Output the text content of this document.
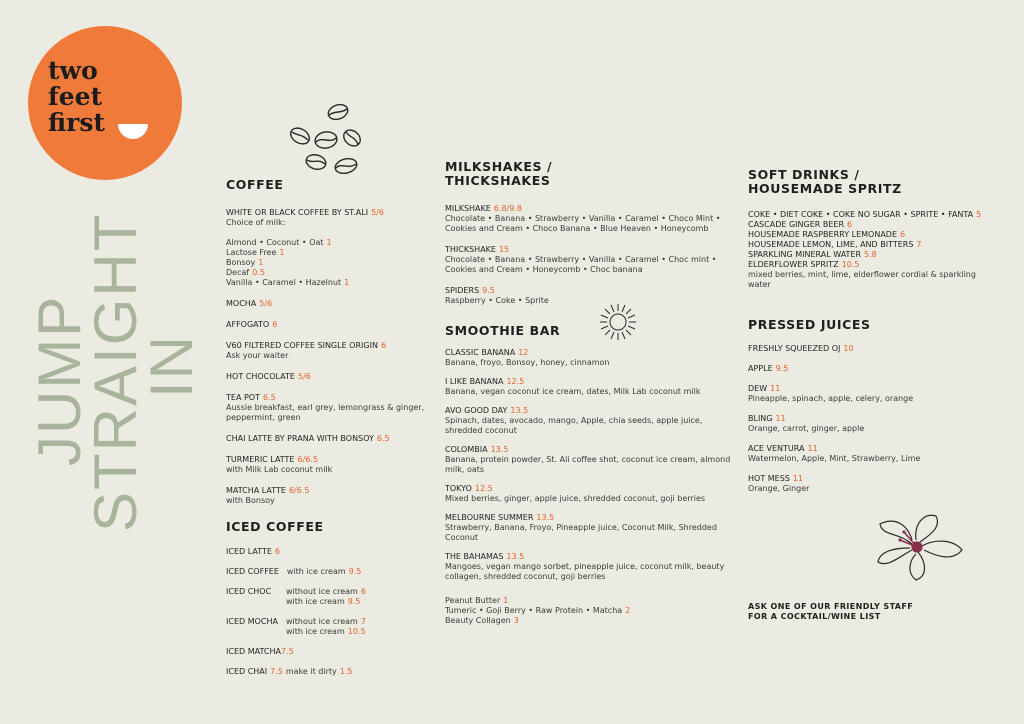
two
feet
first
JUMP
STRAIGHT
IN
COFFEE
WHITE OR BLACK COFFEE BY ST.ALI 5/6
Choice of milk:
Almond • Coconut • Oat 1
Lactose Free 1
Bonsoy 1
Decaf 0.5
Vanilla • Caramel • Hazelnut 1
MOCHA 5/6
AFFOGATO 6
V60 FILTERED COFFEE SINGLE ORIGIN 6
Ask your waiter
HOT CHOCOLATE 5/6
TEA POT 6.5
Aussie breakfast, earl grey, lemongrass & ginger, peppermint, green
CHAI LATTE BY PRANA WITH BONSOY 6.5
TURMERIC LATTE 6/6.5
with Milk Lab coconut milk
MATCHA LATTE 6/6.5
with Bonsoy
ICED COFFEE
ICED LATTE 6
ICED COFFEE with ice cream 9.5
ICED CHOC	without ice cream 6
with ice cream 9.5
ICED MOCHA	without ice cream 7
with ice cream 10.5
ICED MATCHA7.5
ICED CHAI 7.5 make it dirty 1.5
MILKSHAKES /
THICKSHAKES
MILKSHAKE 6.8/9.8
Chocolate • Banana • Strawberry • Vanilla • Caramel • Choco Mint • Cookies and Cream • Choco Banana • Blue Heaven • Honeycomb
THICKSHAKE 15
Chocolate • Banana • Strawberry • Vanilla • Caramel • Choc mint • Cookies and Cream • Honeycomb • Choc banana
SPIDERS 9.5
Raspberry • Coke • Sprite
SMOOTHIE BAR
CLASSIC BANANA 12
Banana, froyo, Bonsoy, honey, cinnamon
I LIKE BANANA 12.5
Banana, vegan coconut ice cream, dates, Milk Lab coconut milk
AVO GOOD DAY 13.5
Spinach, dates, avocado, mango, Apple, chia seeds, apple juice, shredded coconut
COLOMBIA 13.5
Banana, protein powder, St. Ali coffee shot, coconut ice cream, almond milk, oats
TOKYO 12.5
Mixed berries, ginger, apple juice, shredded coconut, goji berries
MELBOURNE SUMMER 13.5
Strawberry, Banana, Froyo, Pineapple juice, Coconut Milk, Shredded Coconut
THE BAHAMAS 13.5
Mangoes, vegan mango sorbet, pineapple juice, coconut milk, beauty collagen, shredded coconut, goji berries
Peanut Butter 1
Tumeric • Goji Berry • Raw Protein • Matcha 2
Beauty Collagen 3
SOFT DRINKS /
HOUSEMADE SPRITZ
COKE • DIET COKE • COKE NO SUGAR • SPRITE • FANTA 5
CASCADE GINGER BEER 6
HOUSEMADE RASPBERRY LEMONADE 6
HOUSEMADE LEMON, LIME, AND BITTERS 7
SPARKLING MINERAL WATER 5.8
ELDERFLOWER SPRITZ 10.5
mixed berries, mint, lime, elderflower cordial & sparkling water
PRESSED JUICES
FRESHLY SQUEEZED OJ 10
APPLE 9.5
DEW 11
Pineapple, spinach, apple, celery, orange
BLING 11
Orange, carrot, ginger, apple
ACE VENTURA 11
Watermelon, Apple, Mint, Strawberry, Lime
HOT MESS 11
Orange, Ginger
ASK ONE OF OUR FRIENDLY STAFF
FOR A COCKTAIL/WINE LIST
